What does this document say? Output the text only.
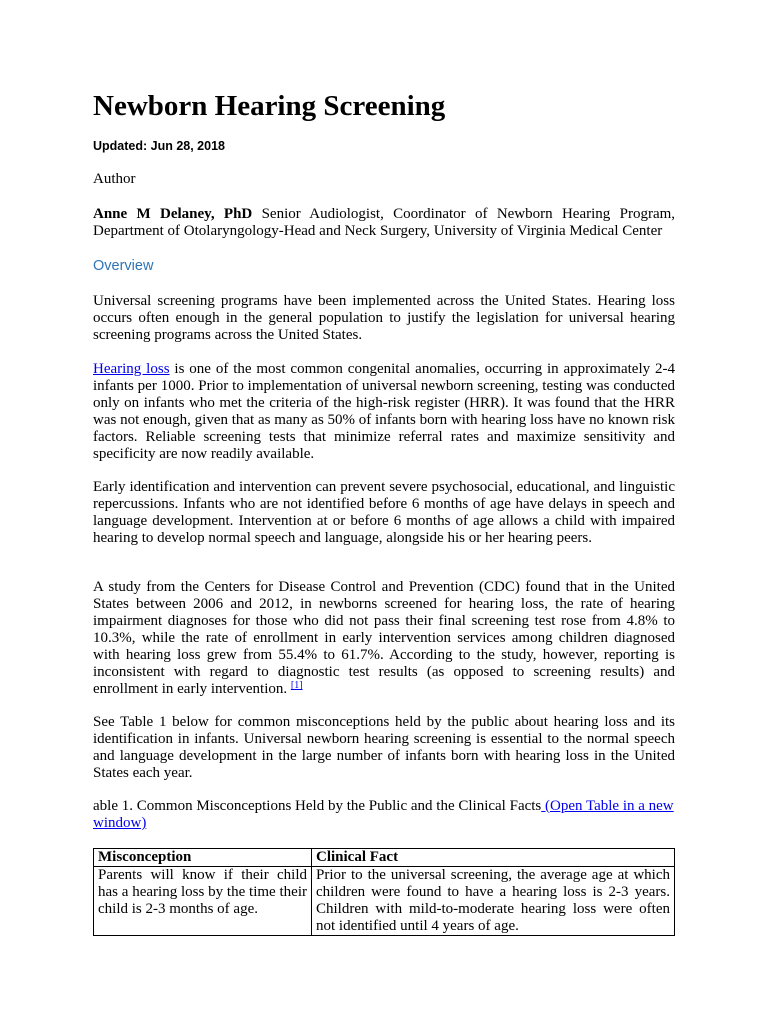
Newborn Hearing Screening
Updated: Jun 28, 2018
Author

Anne M Delaney, PhD Senior Audiologist, Coordinator of Newborn Hearing Program, Department of Otolaryngology-Head and Neck Surgery, University of Virginia Medical Center

Overview

Universal screening programs have been implemented across the United States. Hearing loss occurs often enough in the general population to justify the legislation for universal hearing screening programs across the United States.

Hearing loss is one of the most common congenital anomalies, occurring in approximately 2-4 infants per 1000. Prior to implementation of universal newborn screening, testing was conducted only on infants who met the criteria of the high-risk register (HRR). It was found that the HRR was not enough, given that as many as 50% of infants born with hearing loss have no known risk factors. Reliable screening tests that minimize referral rates and maximize sensitivity and specificity are now readily available.

Early identification and intervention can prevent severe psychosocial, educational, and linguistic repercussions. Infants who are not identified before 6 months of age have delays in speech and language development. Intervention at or before 6 months of age allows a child with impaired hearing to develop normal speech and language, alongside his or her hearing peers.

A study from the Centers for Disease Control and Prevention (CDC) found that in the United States between 2006 and 2012, in newborns screened for hearing loss, the rate of hearing impairment diagnoses for those who did not pass their final screening test rose from 4.8% to 10.3%, while the rate of enrollment in early intervention services among children diagnosed with hearing loss grew from 55.4% to 61.7%. According to the study, however, reporting is inconsistent with regard to diagnostic test results (as opposed to screening results) and enrollment in early intervention. [1]

See Table 1 below for common misconceptions held by the public about hearing loss and its identification in infants. Universal newborn hearing screening is essential to the normal speech and language development in the large number of infants born with hearing loss in the United States each year.

able 1. Common Misconceptions Held by the Public and the Clinical Facts (Open Table in a new window)

Misconception	Clinical Fact
Parents will know if their child has a hearing loss by the time their child is 2-3 months of age.	Prior to the universal screening, the average age at which children were found to have a hearing loss is 2-3 years. Children with mild-to-moderate hearing loss were often not identified until 4 years of age.
